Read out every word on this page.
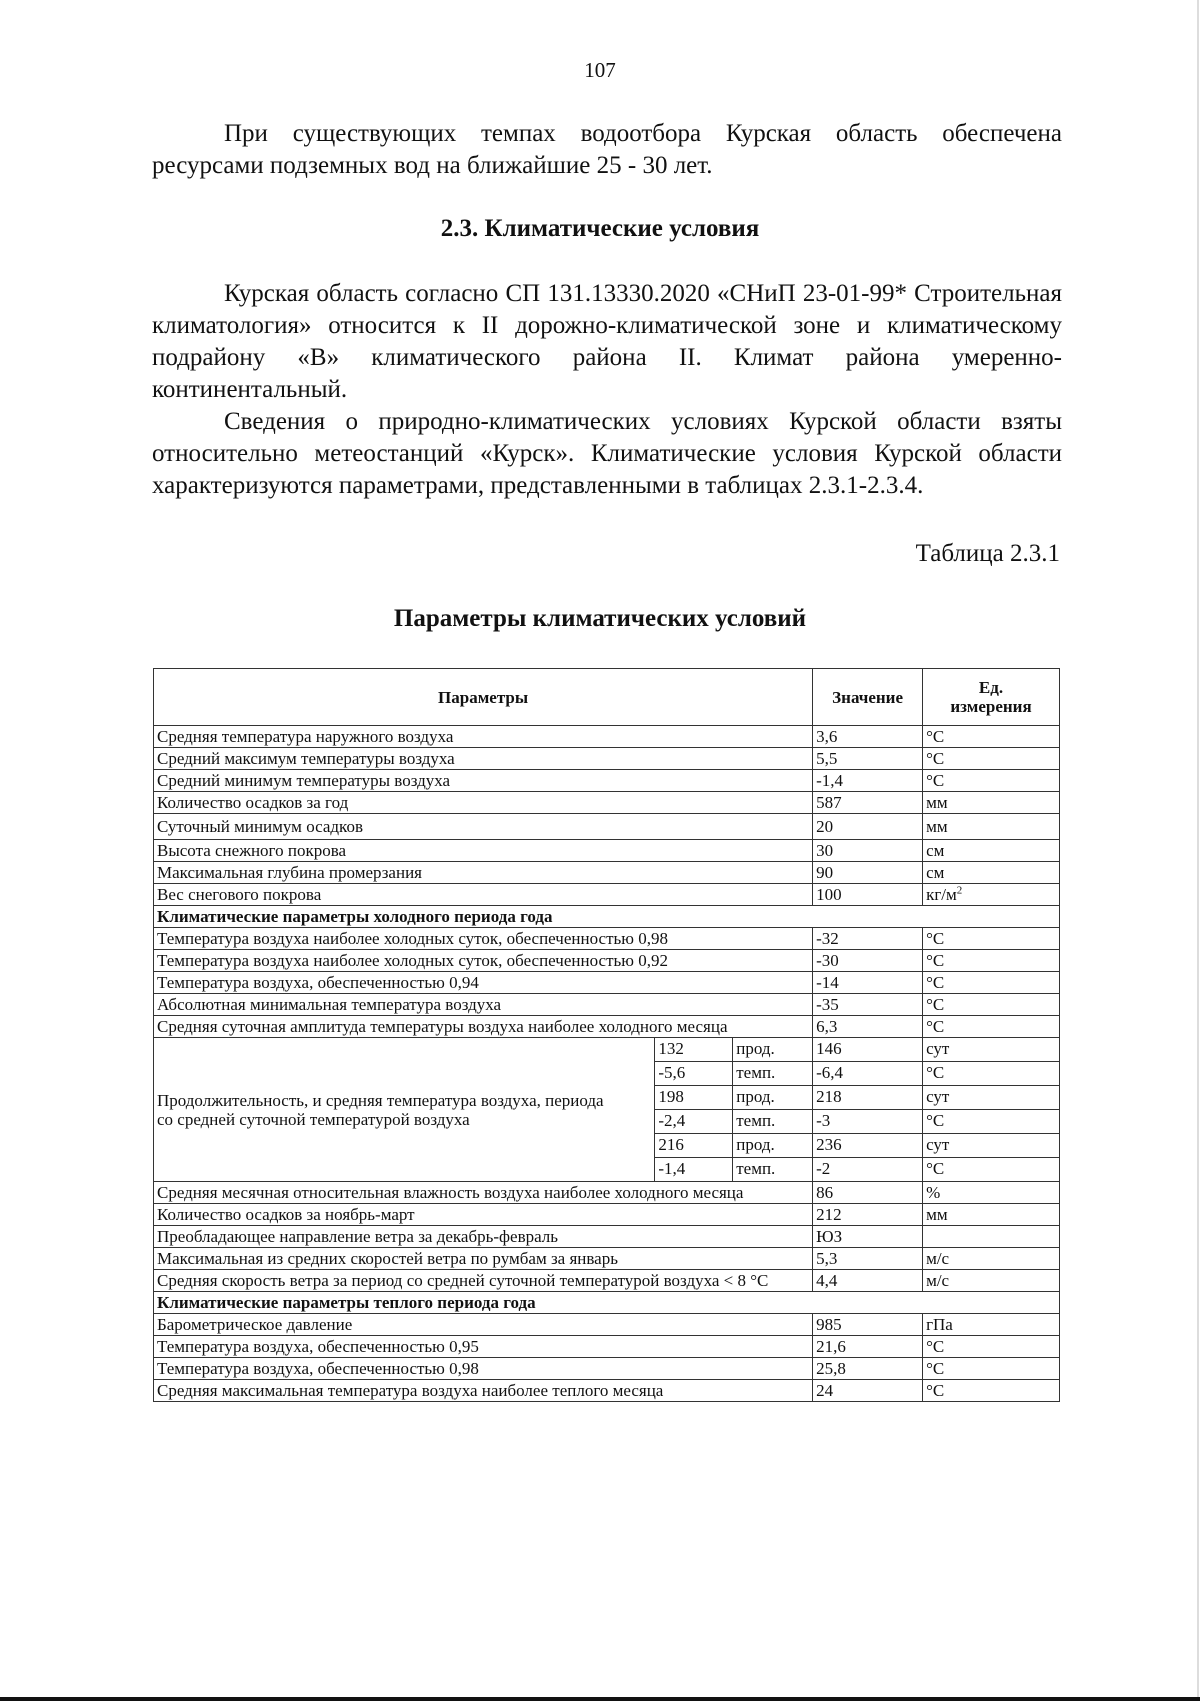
107
При существующих темпах водоотбора Курская область обеспечена ресурсами подземных вод на ближайшие 25 - 30 лет.
2.3. Климатические условия
Курская область согласно СП 131.13330.2020 «СНиП 23-01-99* Строительная климатология» относится к II дорожно-климатической зоне и климатическому подрайону «В» климатического района II. Климат района умеренно-континентальный.
Сведения о природно-климатических условиях Курской области взяты относительно метеостанций «Курск». Климатические условия Курской области характеризуются параметрами, представленными в таблицах 2.3.1-2.3.4.
Таблица 2.3.1
Параметры климатических условий
Параметры			Значение	Ед.
измерения
Средняя температура наружного воздуха			3,6	°С
Средний максимум температуры воздуха			5,5	°С
Средний минимум температуры воздуха			-1,4	°С
Количество осадков за год			587	мм
Суточный минимум осадков			20	мм
Высота снежного покрова			30	см
Максимальная глубина промерзания			90	см
Вес снегового покрова			100	$кг/м^2$
Климатические параметры холодного периода года				
Температура воздуха наиболее холодных суток, обеспеченностью 0,98			-32	°С
Температура воздуха наиболее холодных суток, обеспеченностью 0,92			-30	°С
Температура воздуха, обеспеченностью 0,94			-14	°С
Абсолютная минимальная температура воздуха			-35	°С
Средняя суточная амплитуда температуры воздуха наиболее холодного месяца			6,3	°С
Продолжительность, и средняя температура воздуха, периода со средней суточной температурой воздуха	132	прод.	146	сут
	-5,6	темп.	-6,4	°С
	198	прод.	218	сут
	-2,4	темп.	-3	°С
	216	прод.	236	сут
	-1,4	темп.	-2	°С
Средняя месячная относительная влажность воздуха наиболее холодного месяца			86	%
Количество осадков за ноябрь-март			212	мм
Преобладающее направление ветра за декабрь-февраль			ЮЗ	
Максимальная из средних скоростей ветра по румбам за январь			5,3	м/с
Средняя скорость ветра за период со средней суточной температурой воздуха < 8 °С			4,4	м/с
Климатические параметры теплого периода года				
Барометрическое давление			985	гПа
Температура воздуха, обеспеченностью 0,95			21,6	°С
Температура воздуха, обеспеченностью 0,98			25,8	°С
Средняя максимальная температура воздуха наиболее теплого месяца			24	°С
